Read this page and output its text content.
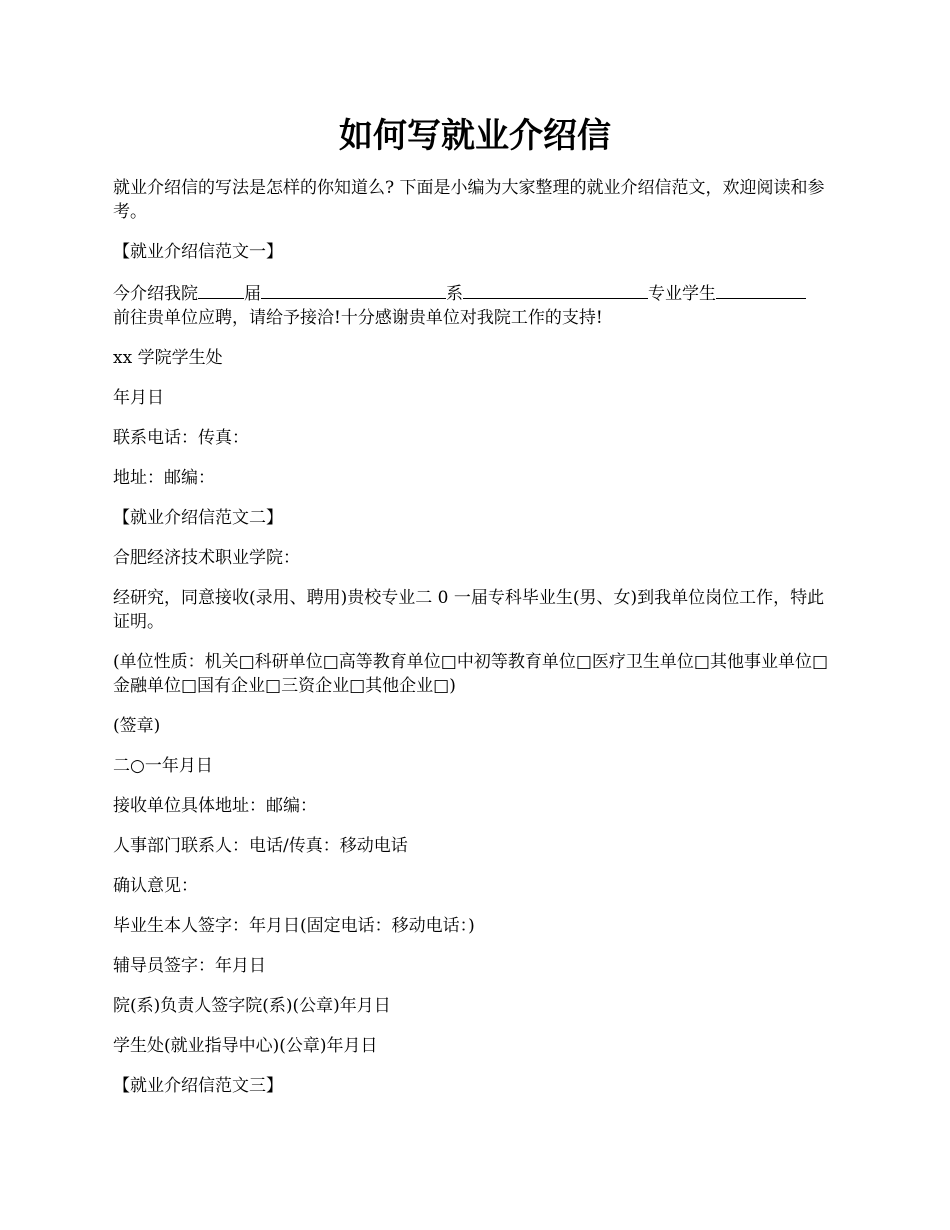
如何写就业介绍信

就业介绍信的写法是怎样的你知道么? 下面是小编为大家整理的就业介绍信范文，欢迎阅读和参考。

【就业介绍信范文一】

今介绍我院	届	系	专业学生
前往贵单位应聘，请给予接洽!十分感谢贵单位对我院工作的支持!

xx 学院学生处

年月日

联系电话：传真：

地址：邮编：

【就业介绍信范文二】

合肥经济技术职业学院：

经研究，同意接收(录用、聘用)贵校专业二 0 一届专科毕业生(男、女)到我单位岗位工作，特此证明。

(单位性质：机关□科研单位□高等教育单位□中初等教育单位□医疗卫生单位□其他事业单位□金融单位□国有企业□三资企业□其他企业□)

(签章)

二○一年月日

接收单位具体地址：邮编：

人事部门联系人：电话/传真：移动电话

确认意见：

毕业生本人签字：年月日(固定电话：移动电话：)

辅导员签字：年月日

院(系)负责人签字院(系)(公章)年月日

学生处(就业指导中心)(公章)年月日

【就业介绍信范文三】
